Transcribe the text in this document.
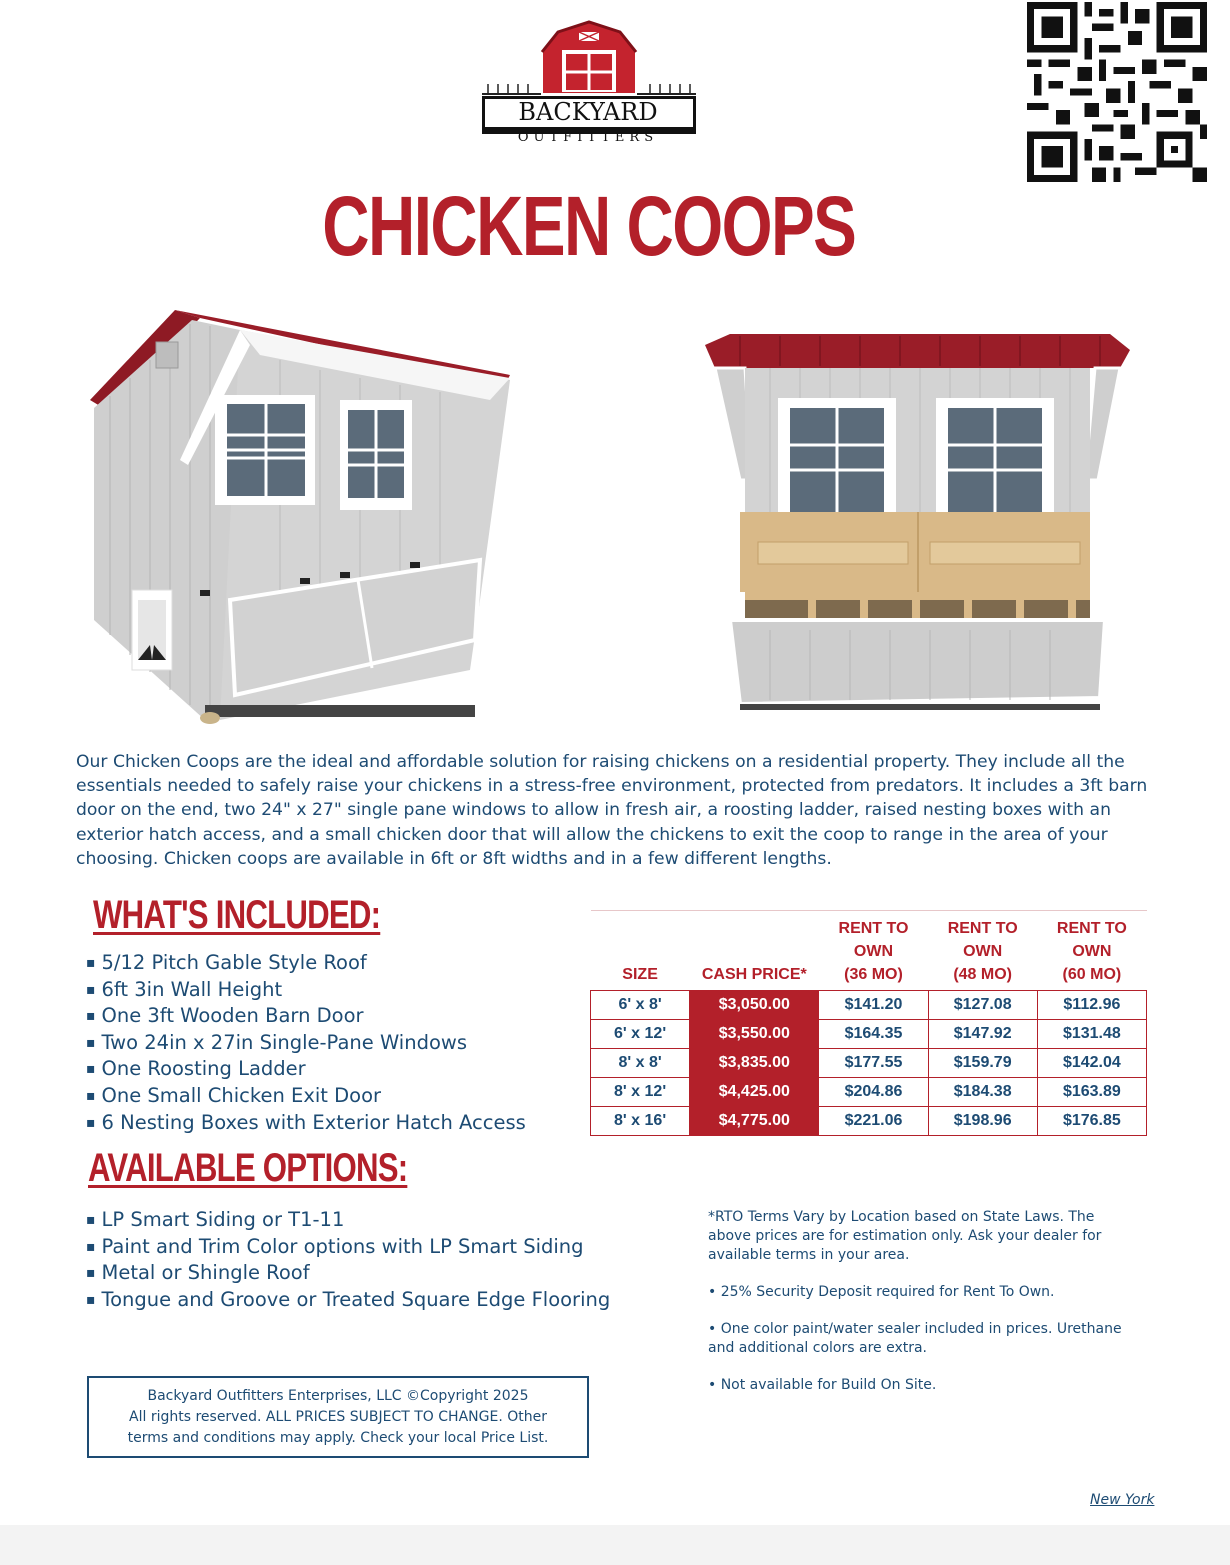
BACKYARD
OUTFITTERS
CHICKEN COOPS

Our Chicken Coops are the ideal and affordable solution for raising chickens on a residential property. They include all the essentials needed to safely raise your chickens in a stress-free environment, protected from predators. It includes a 3ft barn door on the end, two 24" x 27" single pane windows to allow in fresh air, a roosting ladder, raised nesting boxes with an exterior hatch access, and a small chicken door that will allow the chickens to exit the coop to range in the area of your choosing. Chicken coops are available in 6ft or 8ft widths and in a few different lengths.

WHAT'S INCLUDED:
▪ 5/12 Pitch Gable Style Roof
▪ 6ft 3in Wall Height
▪ One 3ft Wooden Barn Door
▪ Two 24in x 27in Single-Pane Windows
▪ One Roosting Ladder
▪ One Small Chicken Exit Door
▪ 6 Nesting Boxes with Exterior Hatch Access
AVAILABLE OPTIONS:
▪ LP Smart Siding or T1-11
▪ Paint and Trim Color options with LP Smart Siding
▪ Metal or Shingle Roof
▪ Tongue and Groove or Treated Square Edge Flooring
SIZE	CASH PRICE*	RENT TO
OWN
(36 MO)	RENT TO
OWN
(48 MO)	RENT TO
OWN
(60 MO)
6' x 8'	$3,050.00	$141.20	$127.08	$112.96
6' x 12'	$3,550.00	$164.35	$147.92	$131.48
8' x 8'	$3,835.00	$177.55	$159.79	$142.04
8' x 12'	$4,425.00	$204.86	$184.38	$163.89
8' x 16'	$4,775.00	$221.06	$198.96	$176.85

*RTO Terms Vary by Location based on State Laws. The above prices are for estimation only. Ask your dealer for available terms in your area.

• 25% Security Deposit required for Rent To Own.

• One color paint/water sealer included in prices. Urethane and additional colors are extra.

• Not available for Build On Site.

Backyard Outfitters Enterprises, LLC ©Copyright 2025
All rights reserved. ALL PRICES SUBJECT TO CHANGE. Other
terms and conditions may apply. Check your local Price List.
New York
